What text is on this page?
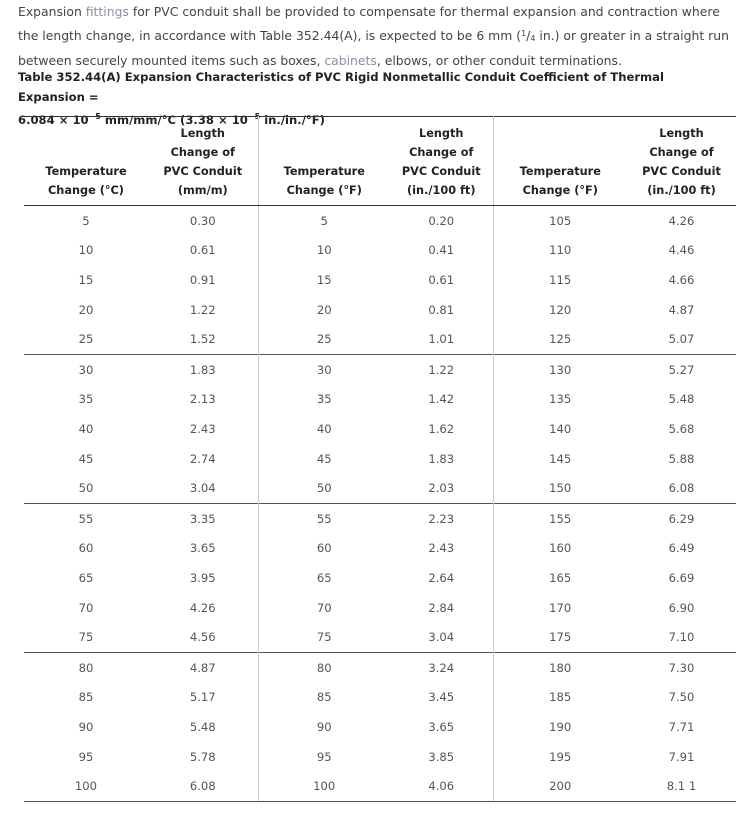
Expansion fittings for PVC conduit shall be provided to compensate for thermal expansion and contraction where the length change, in accordance with Table 352.44(A), is expected to be 6 mm ($^1/_4$ in.) or greater in a straight run between securely mounted items such as boxes, cabinets, elbows, or other conduit terminations.

Table 352.44(A) Expansion Characteristics of PVC Rigid Nonmetallic Conduit Coefficient of Thermal Expansion =
$6.084 \times 10^{-5}$ mm/mm/°C ($3.38 \times 10^{-5}$ in./in./°F)
Temperature
Change (°C)	Length
Change of
PVC Conduit
(mm/m)	Temperature
Change (°F)	Length
Change of
PVC Conduit
(in./100 ft)	Temperature
Change (°F)	Length
Change of
PVC Conduit
(in./100 ft)
5	0.30	5	0.20	105	4.26
10	0.61	10	0.41	110	4.46
15	0.91	15	0.61	115	4.66
20	1.22	20	0.81	120	4.87
25	1.52	25	1.01	125	5.07
30	1.83	30	1.22	130	5.27
35	2.13	35	1.42	135	5.48
40	2.43	40	1.62	140	5.68
45	2.74	45	1.83	145	5.88
50	3.04	50	2.03	150	6.08
55	3.35	55	2.23	155	6.29
60	3.65	60	2.43	160	6.49
65	3.95	65	2.64	165	6.69
70	4.26	70	2.84	170	6.90
75	4.56	75	3.04	175	7.10
80	4.87	80	3.24	180	7.30
85	5.17	85	3.45	185	7.50
90	5.48	90	3.65	190	7.71
95	5.78	95	3.85	195	7.91
100	6.08	100	4.06	200	8.1 1
